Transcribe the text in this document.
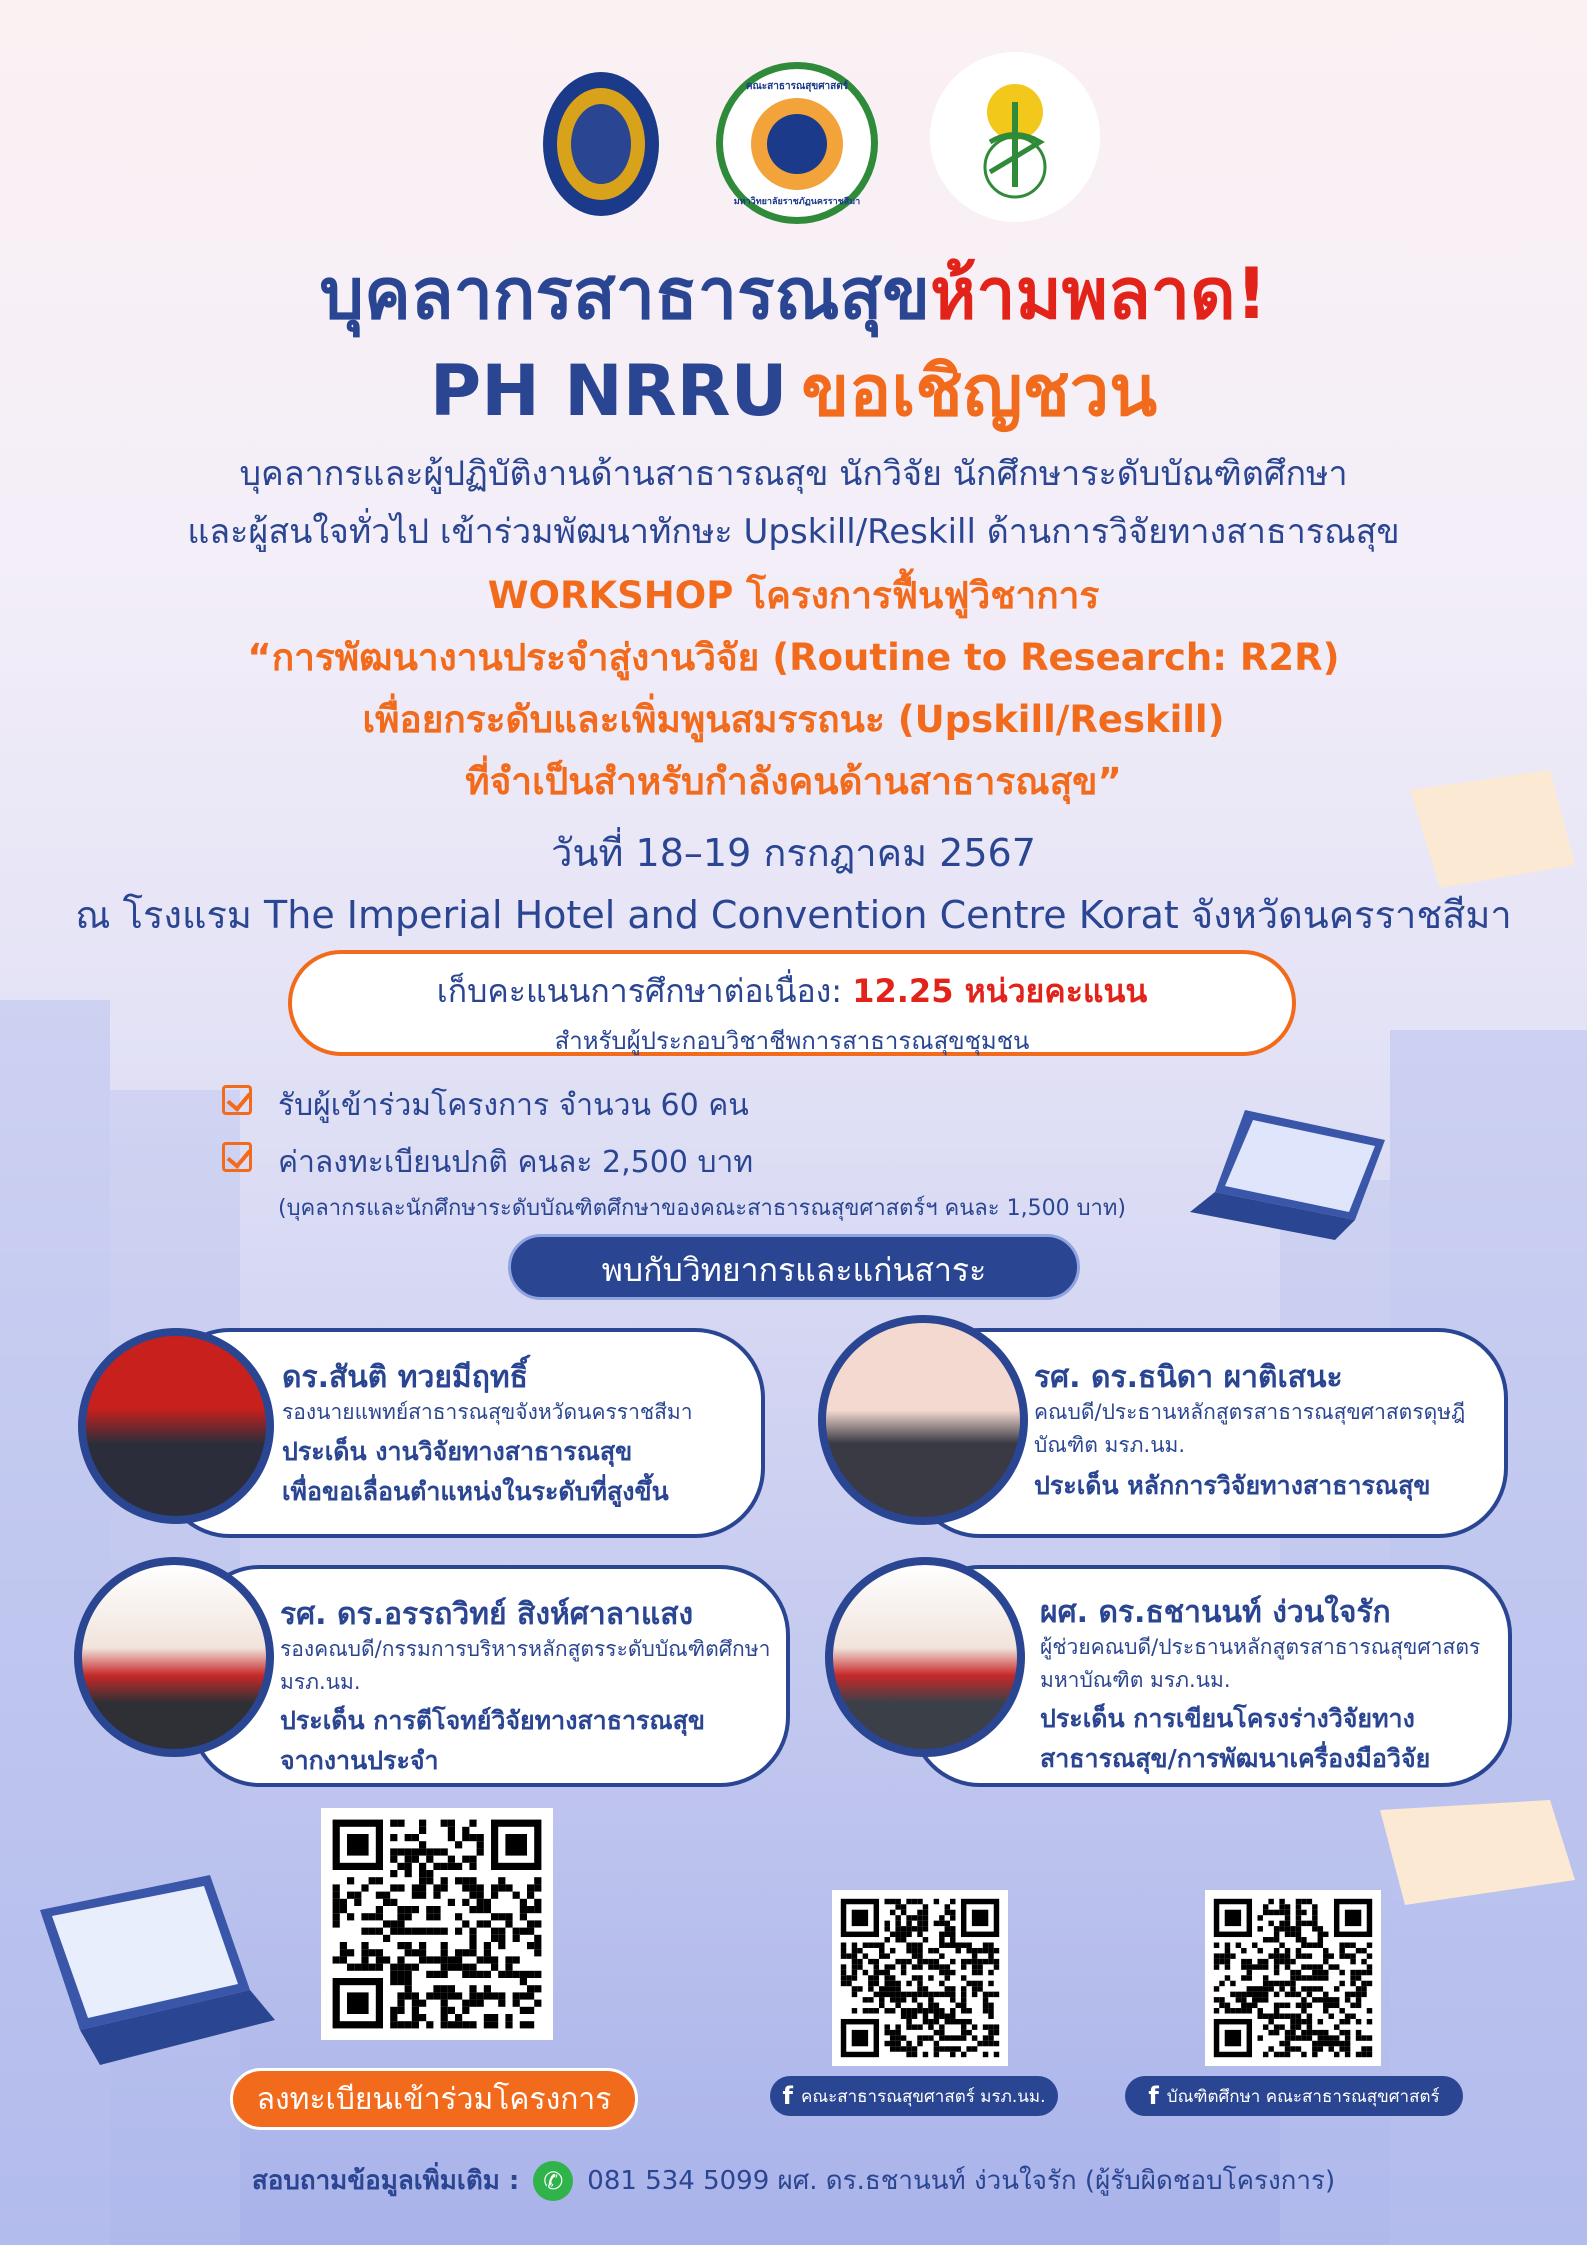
คณะสาธารณสุขศาสตร์
มหาวิทยาลัยราชภัฏนครราชสีมา
บุคลากรสาธารณสุขห้ามพลาด!
PH NRRU ขอเชิญชวน
บุคลากรและผู้ปฏิบัติงานด้านสาธารณสุข นักวิจัย นักศึกษาระดับบัณฑิตศึกษา
และผู้สนใจทั่วไป เข้าร่วมพัฒนาทักษะ Upskill/Reskill ด้านการวิจัยทางสาธารณสุข
WORKSHOP โครงการฟื้นฟูวิชาการ
“การพัฒนางานประจำสู่งานวิจัย (Routine to Research: R2R)
เพื่อยกระดับและเพิ่มพูนสมรรถนะ (Upskill/Reskill)
ที่จำเป็นสำหรับกำลังคนด้านสาธารณสุข”
วันที่ 18–19 กรกฎาคม 2567
ณ โรงแรม The Imperial Hotel and Convention Centre Korat จังหวัดนครราชสีมา
เก็บคะแนนการศึกษาต่อเนื่อง: 12.25 หน่วยคะแนน
สำหรับผู้ประกอบวิชาชีพการสาธารณสุขชุมชน
รับผู้เข้าร่วมโครงการ จำนวน 60 คน
ค่าลงทะเบียนปกติ คนละ 2,500 บาท
(บุคลากรและนักศึกษาระดับบัณฑิตศึกษาของคณะสาธารณสุขศาสตร์ฯ คนละ 1,500 บาท)
พบกับวิทยากรและแก่นสาระ
ดร.สันติ ทวยมีฤทธิ์
รองนายแพทย์สาธารณสุขจังหวัดนครราชสีมา
ประเด็น งานวิจัยทางสาธารณสุข
เพื่อขอเลื่อนตำแหน่งในระดับที่สูงขึ้น
รศ. ดร.ธนิดา ผาติเสนะ
คณบดี/ประธานหลักสูตรสาธารณสุขศาสตรดุษฎี
บัณฑิต มรภ.นม.
ประเด็น หลักการวิจัยทางสาธารณสุข
รศ. ดร.อรรถวิทย์ สิงห์ศาลาแสง
รองคณบดี/กรรมการบริหารหลักสูตรระดับบัณฑิตศึกษา
มรภ.นม.
ประเด็น การตีโจทย์วิจัยทางสาธารณสุข
จากงานประจำ
ผศ. ดร.ธชานนท์ ง่วนใจรัก
ผู้ช่วยคณบดี/ประธานหลักสูตรสาธารณสุขศาสตร
มหาบัณฑิต มรภ.นม.
ประเด็น การเขียนโครงร่างวิจัยทาง
สาธารณสุข/การพัฒนาเครื่องมือวิจัย
ลงทะเบียนเข้าร่วมโครงการ	f คณะสาธารณสุขศาสตร์ มรภ.นม.	f บัณฑิตศึกษา คณะสาธารณสุขศาสตร์
สอบถามข้อมูลเพิ่มเติม : ✆ 081 534 5099 ผศ. ดร.ธชานนท์ ง่วนใจรัก (ผู้รับผิดชอบโครงการ)
